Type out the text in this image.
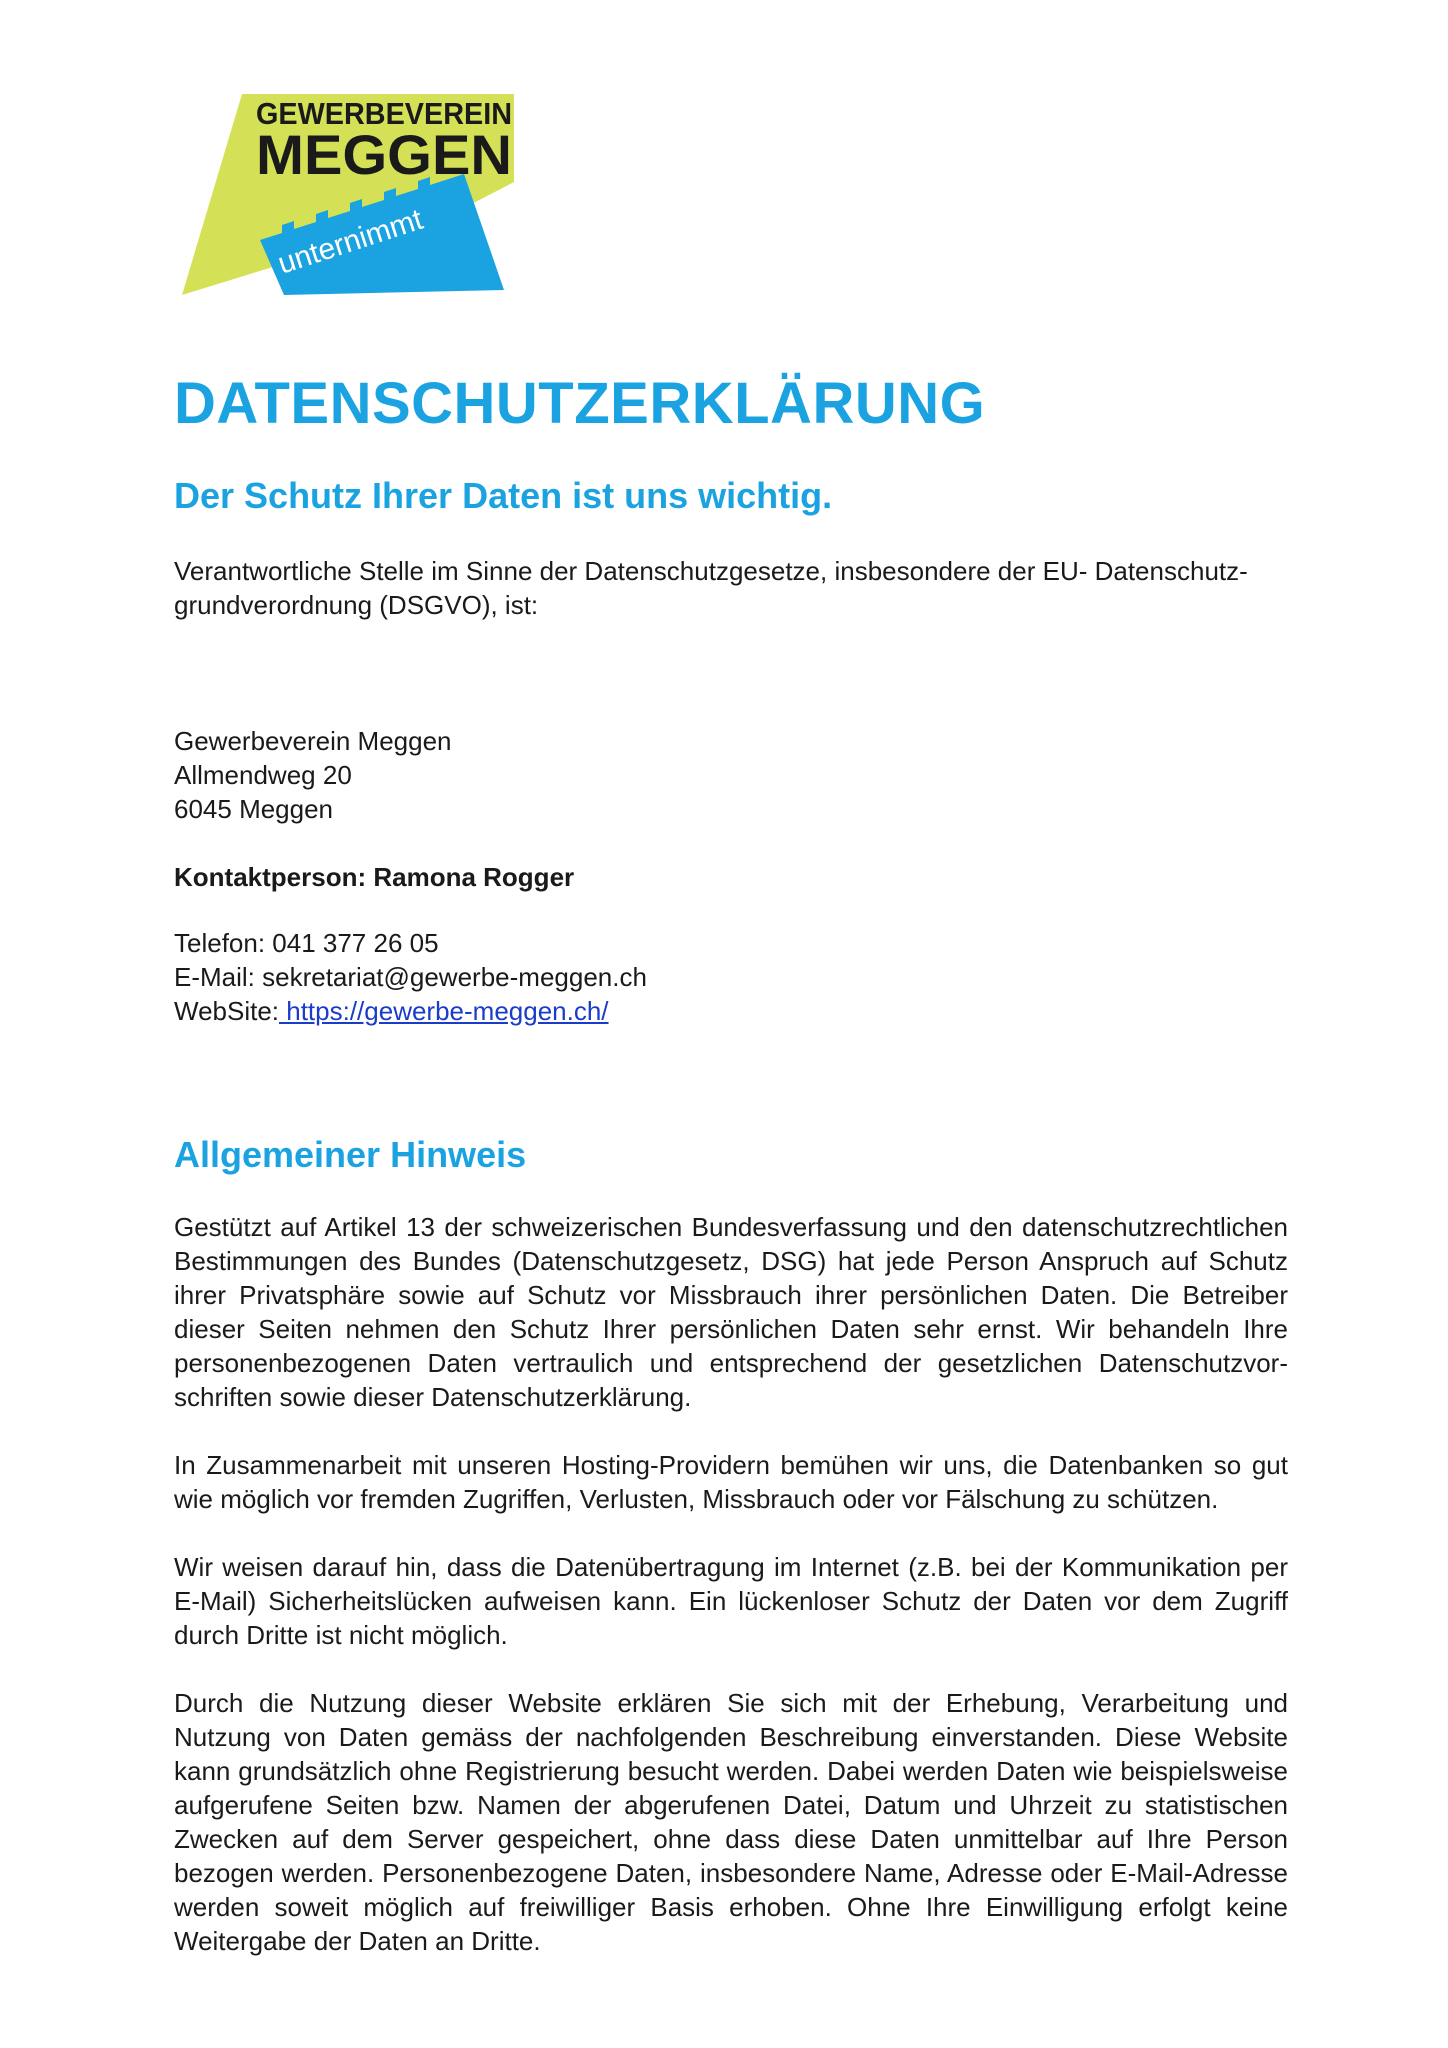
GEWERBEVEREIN
MEGGEN
unternimmt
DATENSCHUTZERKLÄRUNG
Der Schutz Ihrer Daten ist uns wichtig.

Verantwortliche Stelle im Sinne der Datenschutzgesetze, insbesondere der EU- Datenschutz-grundverordnung (DSGVO), ist:

Gewerbeverein Meggen
Allmendweg 20
6045 Meggen
Kontaktperson: Ramona Rogger
Telefon: 041 377 26 05
E-Mail: sekretariat@gewerbe-meggen.ch
WebSite: https://gewerbe-meggen.ch/
Allgemeiner Hinweis

Gestützt auf Artikel 13 der schweizerischen Bundesverfassung und den datenschutzrechtlichen Bestimmungen des Bundes (Datenschutzgesetz, DSG) hat jede Person Anspruch auf Schutz ihrer Privatsphäre sowie auf Schutz vor Missbrauch ihrer persönlichen Daten. Die Betreiber dieser Seiten nehmen den Schutz Ihrer persönlichen Daten sehr ernst. Wir behandeln Ihre personenbezogenen Daten vertraulich und entsprechend der gesetzlichen Datenschutzvor-schriften sowie dieser Datenschutzerklärung.

In Zusammenarbeit mit unseren Hosting-Providern bemühen wir uns, die Datenbanken so gut wie möglich vor fremden Zugriffen, Verlusten, Missbrauch oder vor Fälschung zu schützen.

Wir weisen darauf hin, dass die Datenübertragung im Internet (z.B. bei der Kommunikation per E-Mail) Sicherheitslücken aufweisen kann. Ein lückenloser Schutz der Daten vor dem Zugriff durch Dritte ist nicht möglich.

Durch die Nutzung dieser Website erklären Sie sich mit der Erhebung, Verarbeitung und Nutzung von Daten gemäss der nachfolgenden Beschreibung einverstanden. Diese Website kann grundsätzlich ohne Registrierung besucht werden. Dabei werden Daten wie beispielsweise aufgerufene Seiten bzw. Namen der abgerufenen Datei, Datum und Uhrzeit zu statistischen Zwecken auf dem Server gespeichert, ohne dass diese Daten unmittelbar auf Ihre Person bezogen werden. Personenbezogene Daten, insbesondere Name, Adresse oder E-Mail-Adresse werden soweit möglich auf freiwilliger Basis erhoben. Ohne Ihre Einwilligung erfolgt keine Weitergabe der Daten an Dritte.
